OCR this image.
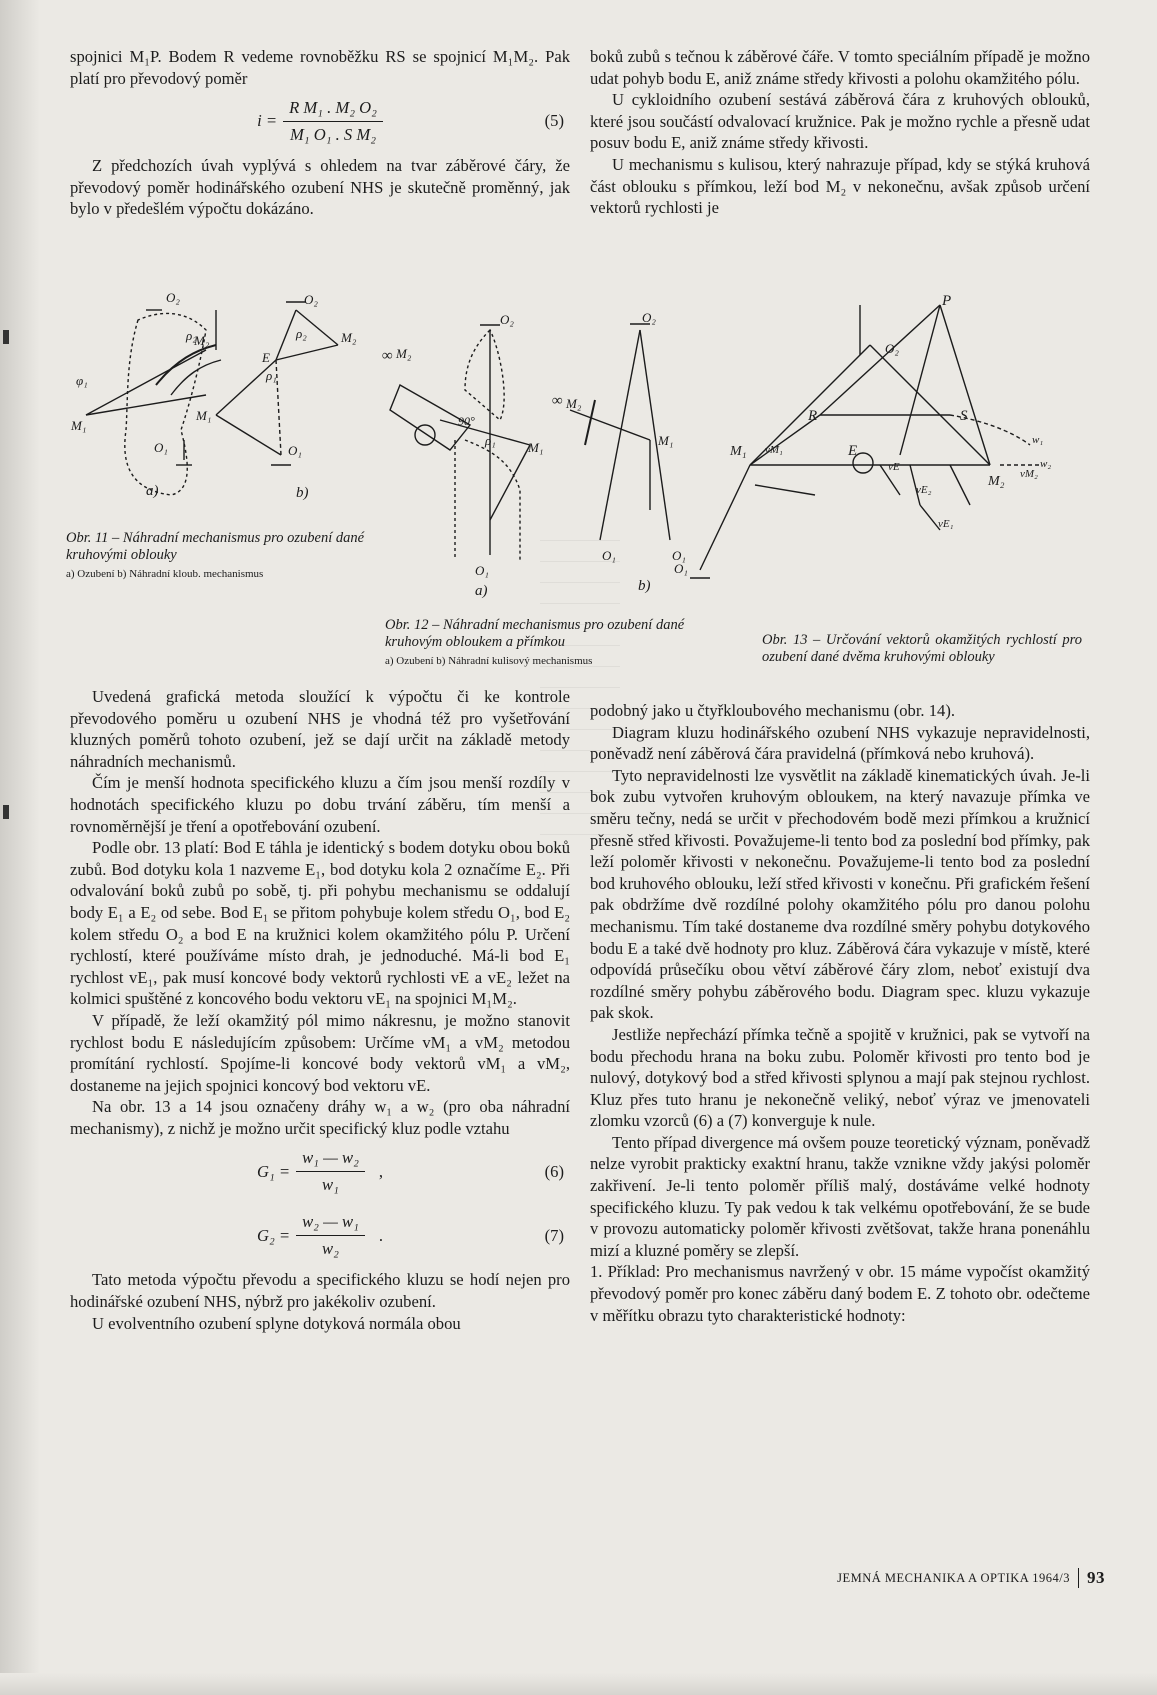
spojnici M₁P. Bodem R vedeme rovnoběžku RS se spojnicí M₁M₂. Pak platí pro převodový poměr

$i = \frac{\text{R M₁ . M₂ O₂}}{\text{M₁ O₁ . S M₂}}$	(5)

Z předchozích úvah vyplývá s ohledem na tvar záběrové čáry, že převodový poměr hodinářského ozubení NHS je skutečně proměnný, jak bylo v předešlém výpočtu dokázáno.

boků zubů s tečnou k záběrové čáře. V tomto speciálním případě je možno udat pohyb bodu E, aniž známe středy křivosti a polohu okamžitého pólu.

U cykloidního ozubení sestává záběrová čára z kruhových oblouků, které jsou součástí odvalovací kružnice. Pak je možno rychle a přesně udat posuv bodu E, aniž známe středy křivosti.

U mechanismu s kulisou, který nahrazuje případ, kdy se stýká kruhová část oblouku s přímkou, leží bod M₂ v nekonečnu, avšak způsob určení vektorů rychlosti je

O₂
ρ₂
M₂
φ₁
M₁
O₁
a)
O₂
ρ₂	M₂
E
ρ₁
M₁
O₁
b)
Obr. 11 – Náhradní mechanismus pro ozubení dané kruhovými oblouky
a) Ozubení b) Náhradní kloub. mechanismus
O₂
∞ M₂
90°
ρ₁ M₁
O₁
a)
O₂
∞ M₂
M₁
O₁	O₁
b)
Obr. 12 – Náhradní mechanismus pro ozubení dané kruhovým obloukem a přímkou
a) Ozubení b) Náhradní kulisový mechanismus
P
O₂
R	S
M₁	E
M₂
vM₁
vM₂
vE
vE₁
vE₂
w₁
w₂
O₁
Obr. 13 – Určování vektorů okamžitých rychlostí pro ozubení dané dvěma kruhovými oblouky

Uvedená grafická metoda sloužící k výpočtu či ke kontrole převodového poměru u ozubení NHS je vhodná též pro vyšetřování kluzných poměrů tohoto ozubení, jež se dají určit na základě metody náhradních mechanismů.

Čím je menší hodnota specifického kluzu a čím jsou menší rozdíly v hodnotách specifického kluzu po dobu trvání záběru, tím menší a rovnoměrnější je tření a opotřebování ozubení.

Podle obr. 13 platí: Bod E táhla je identický s bodem dotyku obou boků zubů. Bod dotyku kola 1 nazveme E₁, bod dotyku kola 2 označíme E₂. Při odvalování boků zubů po sobě, tj. při pohybu mechanismu se oddalují body E₁ a E₂ od sebe. Bod E₁ se přitom pohybuje kolem středu O₁, bod E₂ kolem středu O₂ a bod E na kružnici kolem okamžitého pólu P. Určení rychlostí, které používáme místo drah, je jednoduché. Má-li bod E₁ rychlost vE₁, pak musí koncové body vektorů rychlosti vE a vE₂ ležet na kolmici spuštěné z koncového bodu vektoru vE₁ na spojnici M₁M₂.

V případě, že leží okamžitý pól mimo nákresnu, je možno stanovit rychlost bodu E následujícím způsobem: Určíme vM₁ a vM₂ metodou promítání rychlostí. Spojíme-li koncové body vektorů vM₁ a vM₂, dostaneme na jejich spojnici koncový bod vektoru vE.

Na obr. 13 a 14 jsou označeny dráhy w₁ a w₂ (pro oba náhradní mechanismy), z nichž je možno určit specifický kluz podle vztahu

$G_1 = \frac{\text{w₁ — w₂}}{\text{w₁}}$ ,	(6)
$G_2 = \frac{\text{w₂ — w₁}}{\text{w₂}}$ .	(7)

Tato metoda výpočtu převodu a specifického kluzu se hodí nejen pro hodinářské ozubení NHS, nýbrž pro jakékoliv ozubení.

U evolventního ozubení splyne dotyková normála obou

podobný jako u čtyřkloubového mechanismu (obr. 14).

Diagram kluzu hodinářského ozubení NHS vykazuje nepravidelnosti, poněvadž není záběrová čára pravidelná (přímková nebo kruhová).

Tyto nepravidelnosti lze vysvětlit na základě kinematických úvah. Je-li bok zubu vytvořen kruhovým obloukem, na který navazuje přímka ve směru tečny, nedá se určit v přechodovém bodě mezi přímkou a kružnicí přesně střed křivosti. Považujeme-li tento bod za poslední bod přímky, pak leží poloměr křivosti v nekonečnu. Považujeme-li tento bod za poslední bod kruhového oblouku, leží střed křivosti v konečnu. Při grafickém řešení pak obdržíme dvě rozdílné polohy okamžitého pólu pro danou polohu mechanismu. Tím také dostaneme dva rozdílné směry pohybu dotykového bodu E a také dvě hodnoty pro kluz. Záběrová čára vykazuje v místě, které odpovídá průsečíku obou větví záběrové čáry zlom, neboť existují dva rozdílné směry pohybu záběrového bodu. Diagram spec. kluzu vykazuje pak skok.

Jestliže nepřechází přímka tečně a spojitě v kružnici, pak se vytvoří na bodu přechodu hrana na boku zubu. Poloměr křivosti pro tento bod je nulový, dotykový bod a střed křivosti splynou a mají pak stejnou rychlost. Kluz přes tuto hranu je nekonečně veliký, neboť výraz ve jmenovateli zlomku vzorců (6) a (7) konverguje k nule.

Tento případ divergence má ovšem pouze teoretický význam, poněvadž nelze vyrobit prakticky exaktní hranu, takže vznikne vždy jakýsi poloměr zakřivení. Je-li tento poloměr příliš malý, dostáváme velké hodnoty specifického kluzu. Ty pak vedou k tak velkému opotřebování, že se bude v provozu automaticky poloměr křivosti zvětšovat, takže hrana ponenáhlu mizí a kluzné poměry se zlepší.

1. Příklad: Pro mechanismus navržený v obr. 15 máme vypočíst okamžitý převodový poměr pro konec záběru daný bodem E. Z tohoto obr. odečteme v měřítku obrazu tyto charakteristické hodnoty:

JEMNÁ MECHANIKA A OPTIKA 1964/3	93
